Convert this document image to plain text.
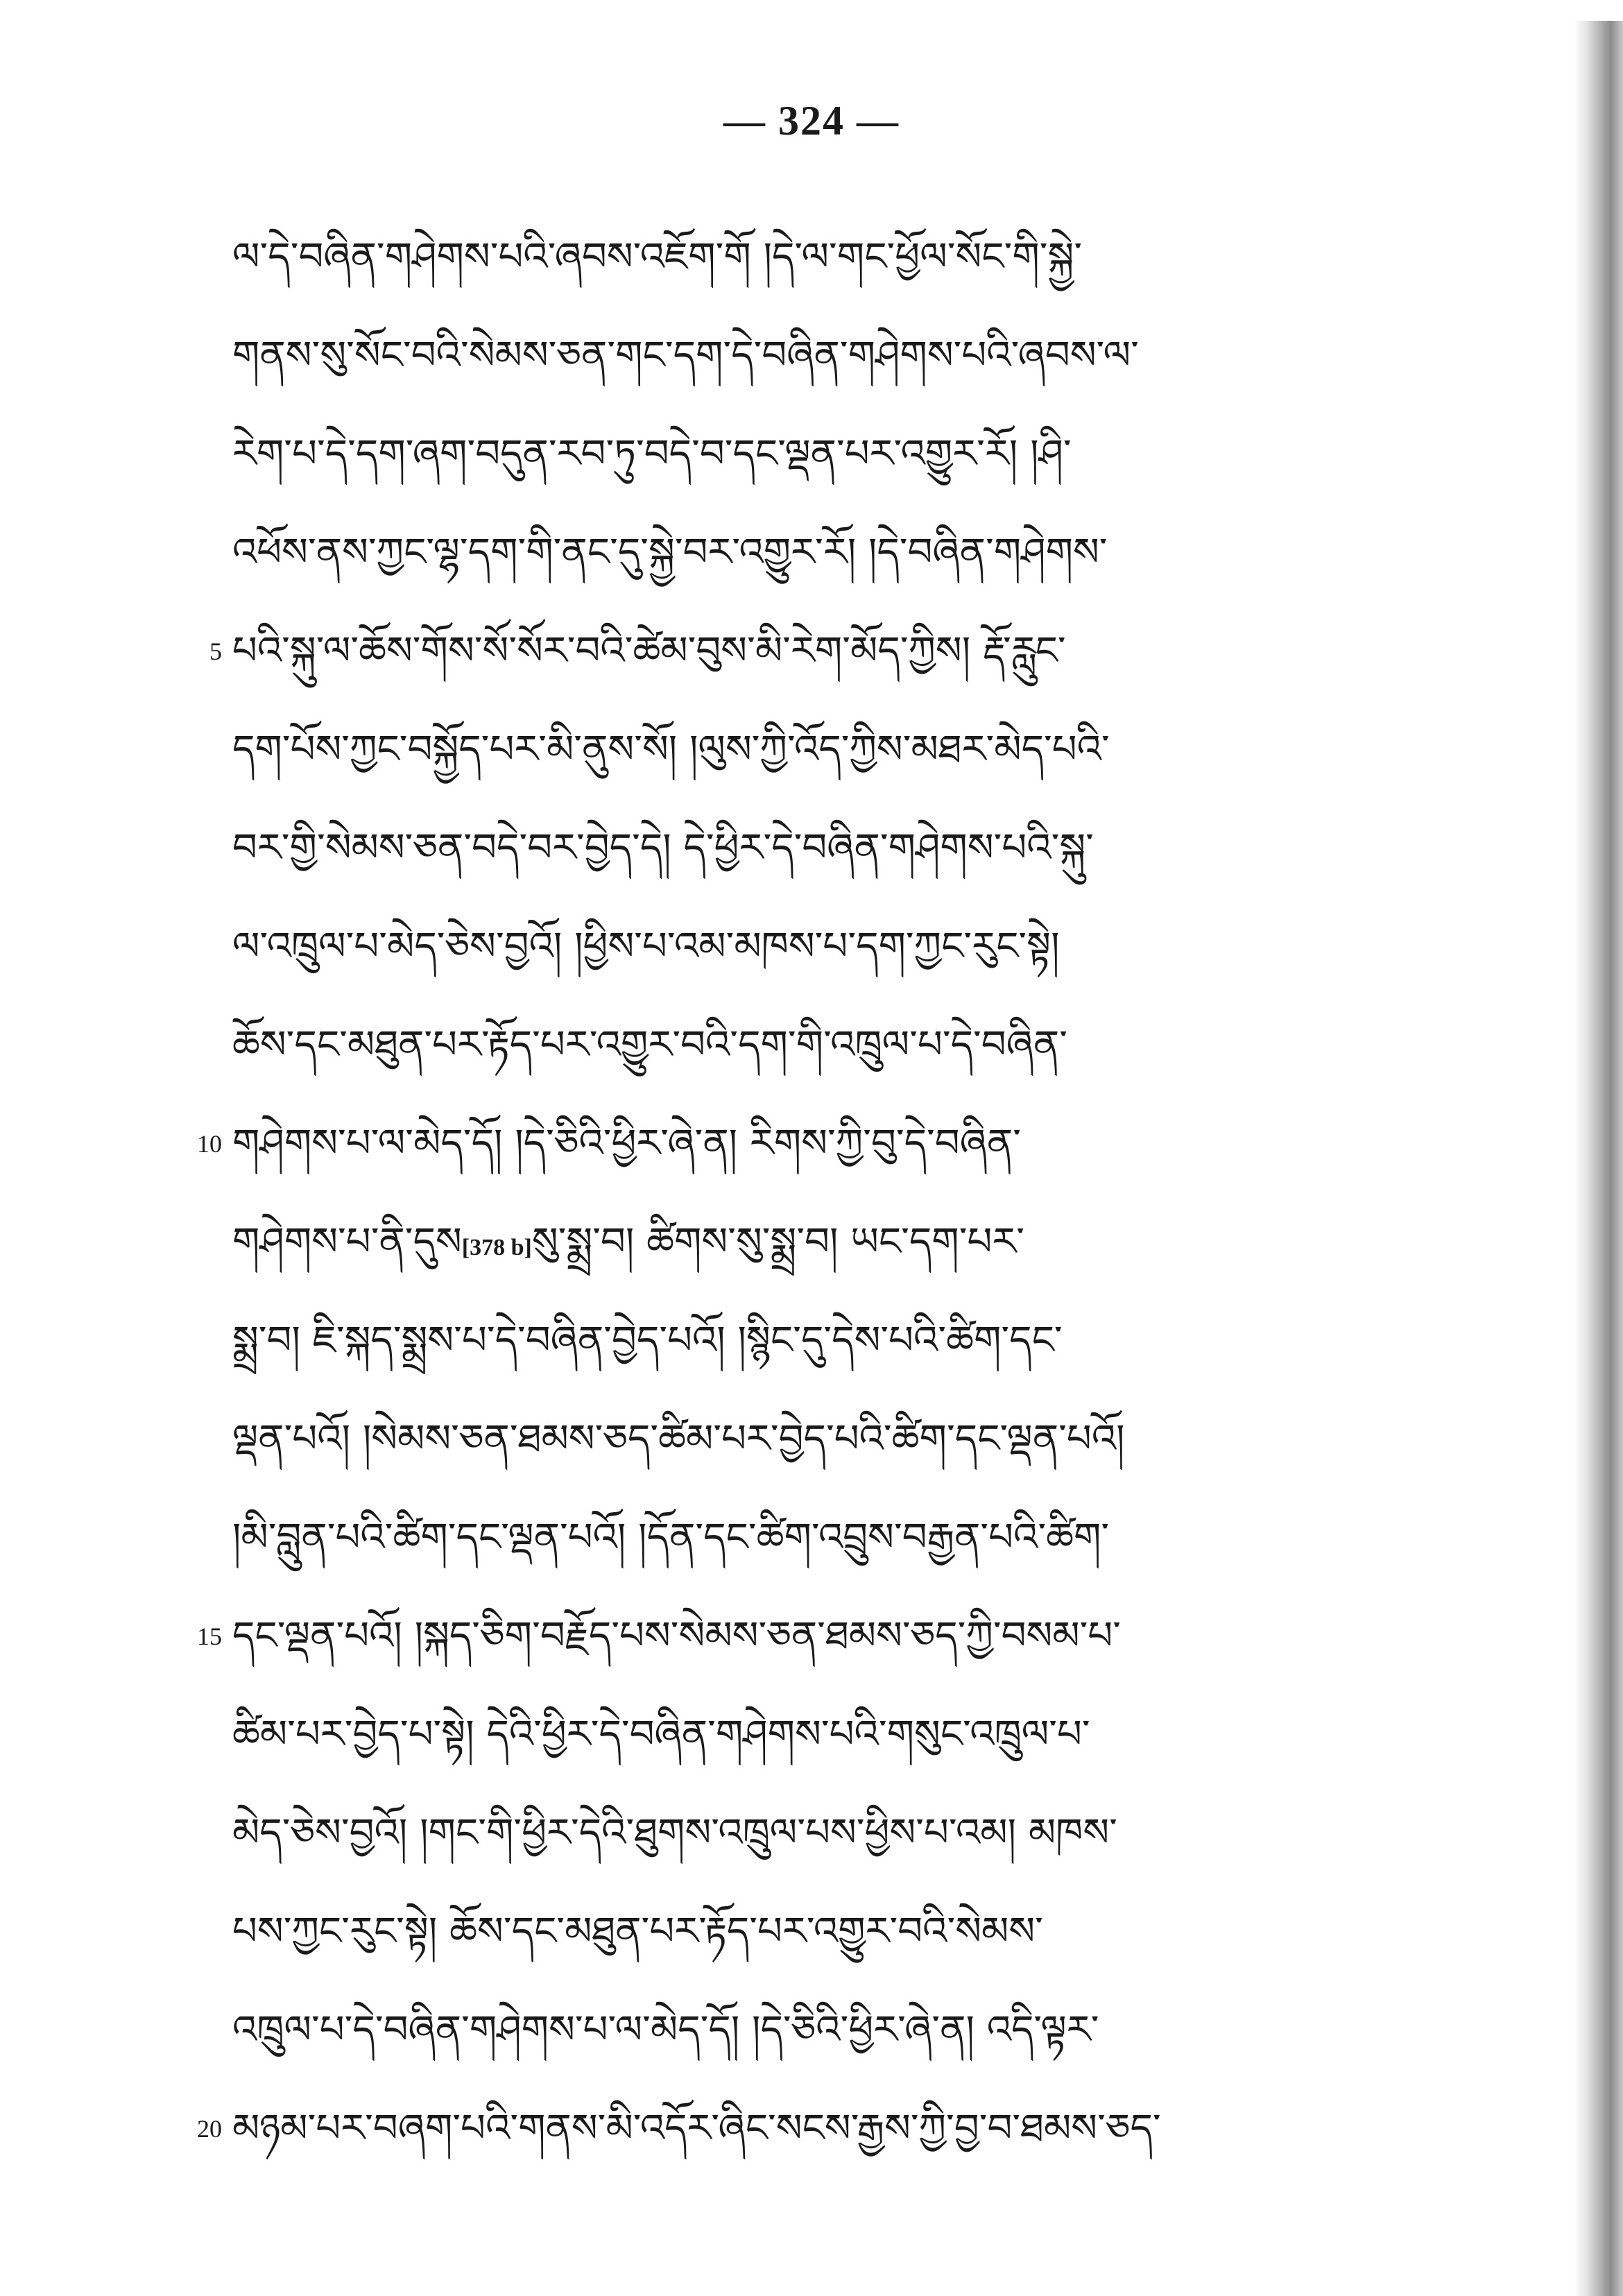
— 324 —
ལ་དེ་བཞིན་གཤེགས་པའི་ཞབས་འཇོག་གོ །དེ་ལ་གང་ཕྱོལ་སོང་གི་སྐྱེ་
གནས་སུ་སོང་བའི་སེམས་ཅན་གང་དག་དེ་བཞིན་གཤེགས་པའི་ཞབས་ལ་
རེག་པ་དེ་དག་ཞག་བདུན་རབ་ཏུ་བདེ་བ་དང་ལྡན་པར་འགྱུར་རོ། །ཤི་
འཕོས་ནས་ཀྱང་ལྷ་དག་གི་ནང་དུ་སྐྱེ་བར་འགྱུར་རོ། །དེ་བཞིན་གཤེགས་
5 པའི་སྐུ་ལ་ཆོས་གོས་སོ་སོར་བའི་ཚེམ་བུས་མི་རེག་མོད་ཀྱིས། རྡོ་རླུང་
དག་པོས་ཀྱང་བསྐྱོད་པར་མི་ནུས་སོ། །ལུས་ཀྱི་འོད་ཀྱིས་མཐར་མེད་པའི་
བར་གྱི་སེམས་ཅན་བདེ་བར་བྱེད་དེ། དེ་ཕྱིར་དེ་བཞིན་གཤེགས་པའི་སྐུ་
ལ་འཁྲུལ་པ་མེད་ཅེས་བྱའོ། །ཕྱིས་པ་འམ་མཁས་པ་དག་ཀྱང་རུང་སྟེ།
ཆོས་དང་མཐུན་པར་རྟོད་པར་འགྱུར་བའི་དག་གི་འཁྲུལ་པ་དེ་བཞིན་
10 གཤེགས་པ་ལ་མེད་དོ། །དེ་ཅིའི་ཕྱིར་ཞེ་ན། རིགས་ཀྱི་བུ་དེ་བཞིན་
གཤེགས་པ་ནི་དུས[378 b]སུ་སྨྲ་བ། ཚིགས་སུ་སྨྲ་བ། ཡང་དག་པར་
སྨྲ་བ། ཇི་སྐད་སྨྲས་པ་དེ་བཞིན་བྱེད་པའོ། །སྙིང་དུ་དེས་པའི་ཚིག་དང་
ལྡན་པའོ། །སེམས་ཅན་ཐམས་ཅད་ཚིམ་པར་བྱེད་པའི་ཚིག་དང་ལྡན་པའོ།
།མི་བླུན་པའི་ཚིག་དང་ལྡན་པའོ། །དོན་དང་ཚིག་འབྲུས་བརྒྱན་པའི་ཚིག་
15 དང་ལྡན་པའོ། །སྐད་ཅིག་བརྗོད་པས་སེམས་ཅན་ཐམས་ཅད་ཀྱི་བསམ་པ་
ཚིམ་པར་བྱེད་པ་སྟེ། དེའི་ཕྱིར་དེ་བཞིན་གཤེགས་པའི་གསུང་འཁྲུལ་པ་
མེད་ཅེས་བྱའོ། །གང་གི་ཕྱིར་དེའི་ཐུགས་འཁྲུལ་པས་ཕྱིས་པ་འམ། མཁས་
པས་ཀྱང་རུང་སྟེ། ཆོས་དང་མཐུན་པར་རྟོད་པར་འགྱུར་བའི་སེམས་
འཁྲུལ་པ་དེ་བཞིན་གཤེགས་པ་ལ་མེད་དོ། །དེ་ཅིའི་ཕྱིར་ཞེ་ན། འདི་ལྟར་
20 མཉམ་པར་བཞག་པའི་གནས་མི་འདོར་ཞིང་སངས་རྒྱས་ཀྱི་བྱ་བ་ཐམས་ཅད་
